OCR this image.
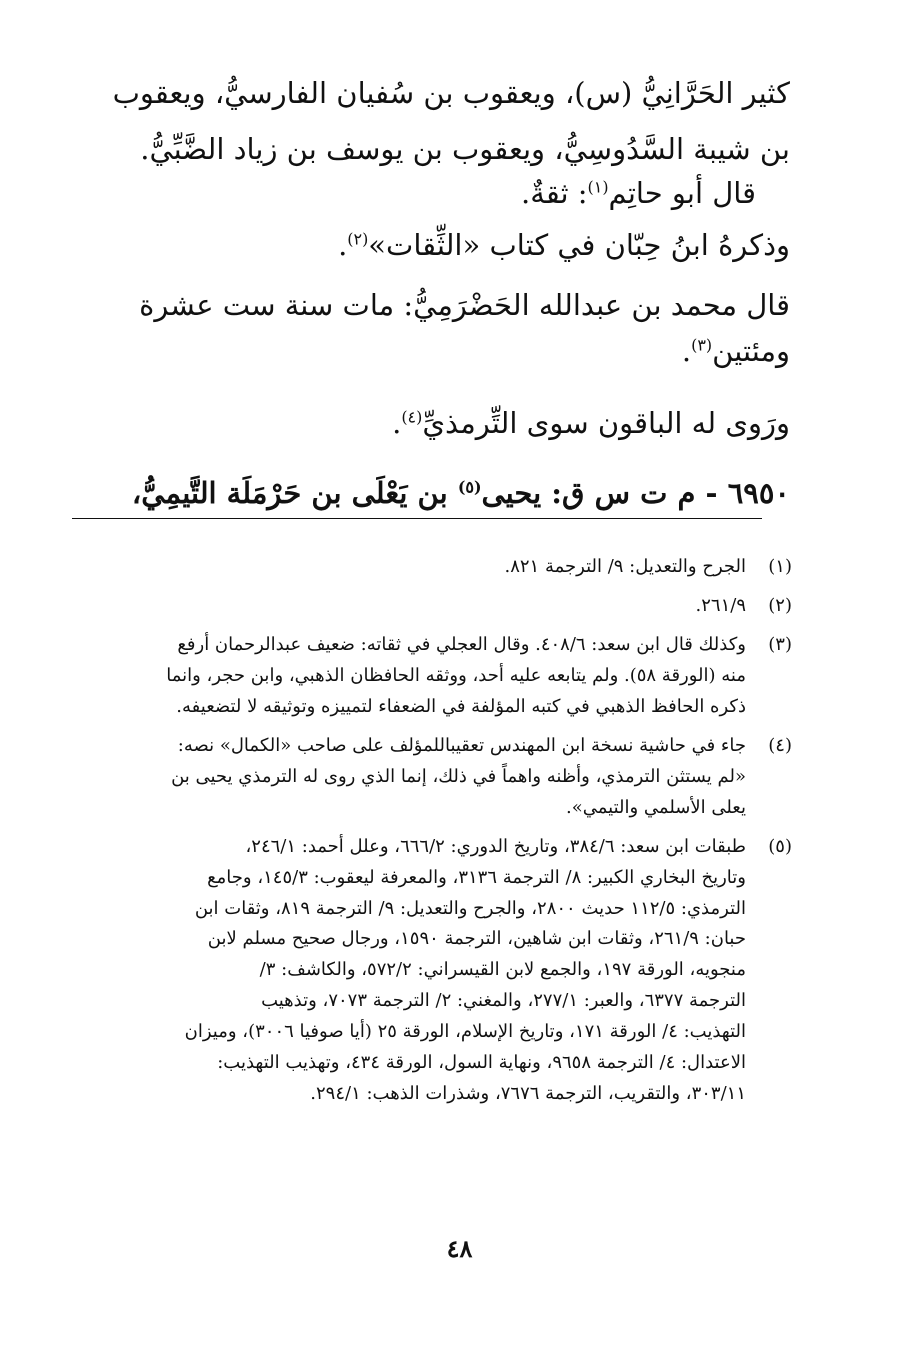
كثير الحَرَّانِيُّ (س)، ويعقوب بن سُفيان الفارسيُّ، ويعقوب
بن شيبة السَّدُوسِيُّ، ويعقوب بن يوسف بن زياد الضَّبِّيُّ.
قال أبو حاتِم$^{(١)}$: ثقةٌ.
وذكرهُ ابنُ حِبّان في كتاب «الثِّقات»$^{(٢)}$.
قال محمد بن عبدالله الحَضْرَمِيُّ: مات سنة ست عشرة
ومئتين$^{(٣)}$.
ورَوى له الباقون سوى التِّرمذيِّ$^{(٤)}$.
٦٩٥٠ - م ت س ق: يحيى$^{(٥)}$ بن يَعْلَى بن حَرْمَلَة التَّيمِيُّ،
(١)
الجرح والتعديل: ٩/ الترجمة ٨٢١.
(٢)
٢٦١/٩.
(٣)
وكذلك قال ابن سعد: ٤٠٨/٦. وقال العجلي في ثقاته: ضعيف عبدالرحمان أرفع
منه (الورقة ٥٨). ولم يتابعه عليه أحد، ووثقه الحافظان الذهبي، وابن حجر، وانما
ذكره الحافظ الذهبي في كتبه المؤلفة في الضعفاء لتمييزه وتوثيقه لا لتضعيفه.
(٤)
جاء في حاشية نسخة ابن المهندس تعقيباللمؤلف على صاحب «الكمال» نصه:
«لم يستثن الترمذي، وأظنه واهماً في ذلك، إنما الذي روى له الترمذي يحيى بن
يعلى الأسلمي والتيمي».
(٥)
طبقات ابن سعد: ٣٨٤/٦، وتاريخ الدوري: ٦٦٦/٢، وعلل أحمد: ٢٤٦/١،
وتاريخ البخاري الكبير: ٨/ الترجمة ٣١٣٦، والمعرفة ليعقوب: ١٤٥/٣، وجامع
الترمذي: ١١٢/٥ حديث ٢٨٠٠، والجرح والتعديل: ٩/ الترجمة ٨١٩، وثقات ابن
حبان: ٢٦١/٩، وثقات ابن شاهين، الترجمة ١٥٩٠، ورجال صحيح مسلم لابن
منجويه، الورقة ١٩٧، والجمع لابن القيسراني: ٥٧٢/٢، والكاشف: ٣/
الترجمة ٦٣٧٧، والعبر: ٢٧٧/١، والمغني: ٢/ الترجمة ٧٠٧٣، وتذهيب
التهذيب: ٤/ الورقة ١٧١، وتاريخ الإسلام، الورقة ٢٥ (أيا صوفيا ٣٠٠٦)، وميزان
الاعتدال: ٤/ الترجمة ٩٦٥٨، ونهاية السول، الورقة ٤٣٤، وتهذيب التهذيب:
٣٠٣/١١، والتقريب، الترجمة ٧٦٧٦، وشذرات الذهب: ٢٩٤/١.
٤٨
